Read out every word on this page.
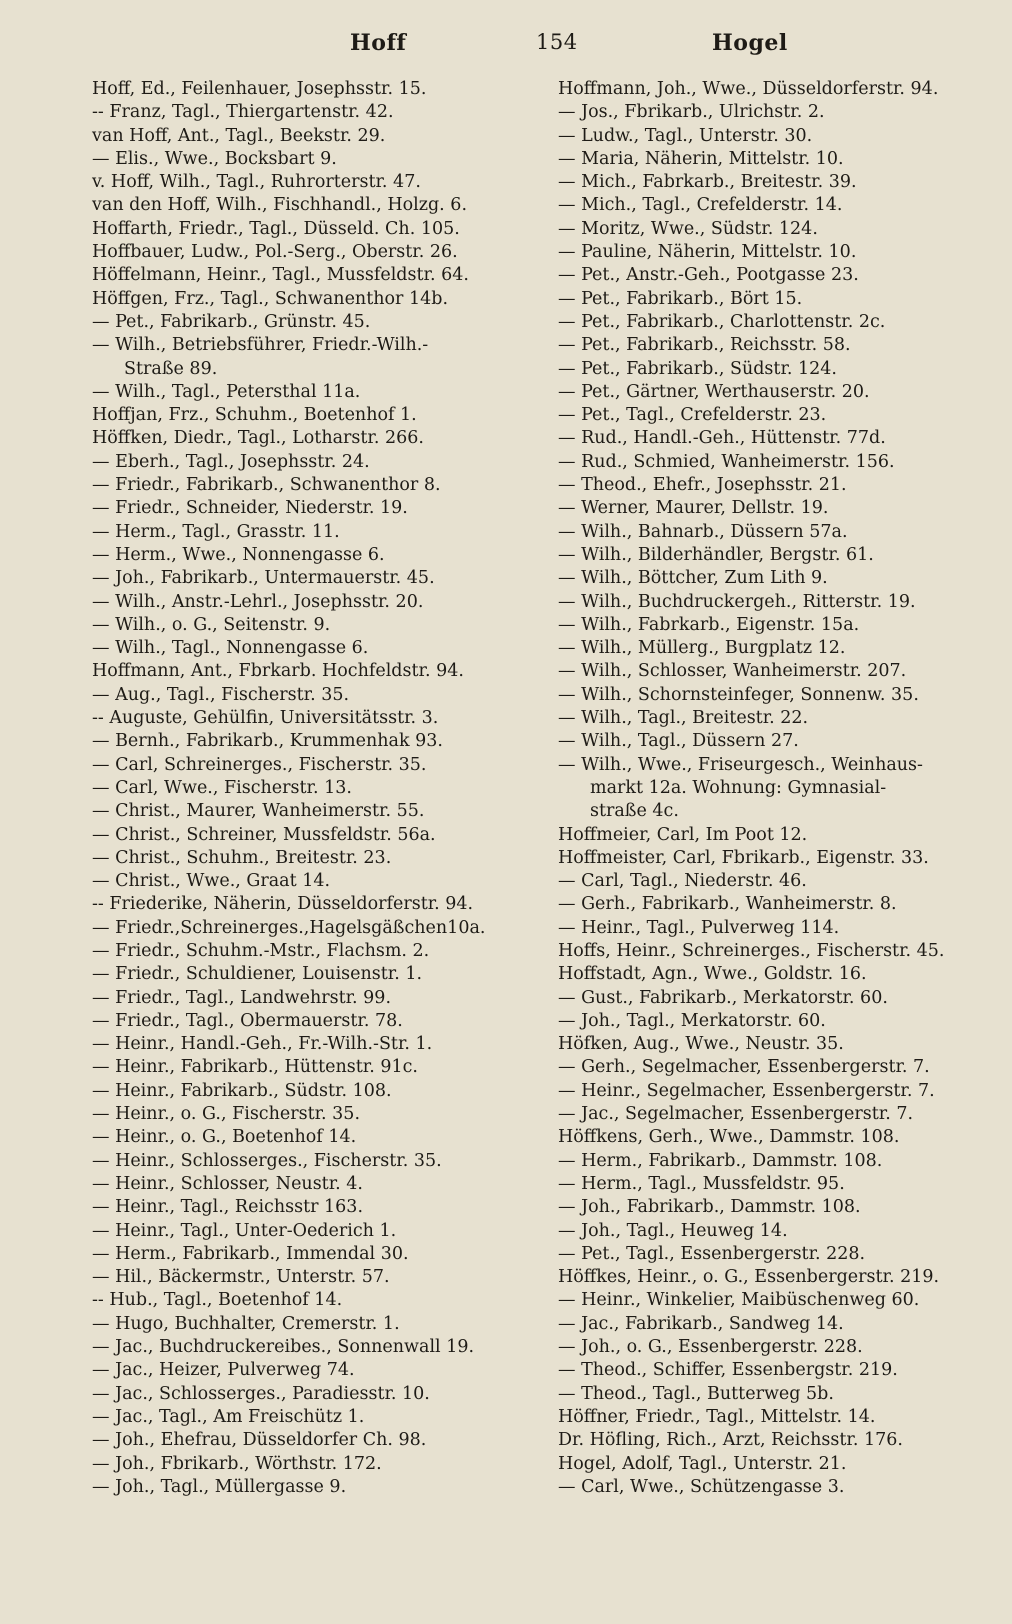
Hoff	154	Hogel
Hoff, Ed., Feilenhauer, Josephsstr. 15.
-- Franz, Tagl., Thiergartenstr. 42.
van Hoff, Ant., Tagl., Beekstr. 29.
— Elis., Wwe., Bocksbart 9.
v. Hoff, Wilh., Tagl., Ruhrorterstr. 47.
van den Hoff, Wilh., Fischhandl., Holzg. 6.
Hoffarth, Friedr., Tagl., Düsseld. Ch. 105.
Hoffbauer, Ludw., Pol.-Serg., Oberstr. 26.
Höffelmann, Heinr., Tagl., Mussfeldstr. 64.
Höffgen, Frz., Tagl., Schwanenthor 14b.
— Pet., Fabrikarb., Grünstr. 45.
— Wilh., Betriebsführer, Friedr.-Wilh.-
Straße 89.
— Wilh., Tagl., Petersthal 11a.
Hoffjan, Frz., Schuhm., Boetenhof 1.
Höffken, Diedr., Tagl., Lotharstr. 266.
— Eberh., Tagl., Josephsstr. 24.
— Friedr., Fabrikarb., Schwanenthor 8.
— Friedr., Schneider, Niederstr. 19.
— Herm., Tagl., Grasstr. 11.
— Herm., Wwe., Nonnengasse 6.
— Joh., Fabrikarb., Untermauerstr. 45.
— Wilh., Anstr.-Lehrl., Josephsstr. 20.
— Wilh., o. G., Seitenstr. 9.
— Wilh., Tagl., Nonnengasse 6.
Hoffmann, Ant., Fbrkarb. Hochfeldstr. 94.
— Aug., Tagl., Fischerstr. 35.
-- Auguste, Gehülfin, Universitätsstr. 3.
— Bernh., Fabrikarb., Krummenhak 93.
— Carl, Schreinerges., Fischerstr. 35.
— Carl, Wwe., Fischerstr. 13.
— Christ., Maurer, Wanheimerstr. 55.
— Christ., Schreiner, Mussfeldstr. 56a.
— Christ., Schuhm., Breitestr. 23.
— Christ., Wwe., Graat 14.
-- Friederike, Näherin, Düsseldorferstr. 94.
— Friedr.,Schreinerges.,Hagelsgäßchen10a.
— Friedr., Schuhm.-Mstr., Flachsm. 2.
— Friedr., Schuldiener, Louisenstr. 1.
— Friedr., Tagl., Landwehrstr. 99.
— Friedr., Tagl., Obermauerstr. 78.
— Heinr., Handl.-Geh., Fr.-Wilh.-Str. 1.
— Heinr., Fabrikarb., Hüttenstr. 91c.
— Heinr., Fabrikarb., Südstr. 108.
— Heinr., o. G., Fischerstr. 35.
— Heinr., o. G., Boetenhof 14.
— Heinr., Schlosserges., Fischerstr. 35.
— Heinr., Schlosser, Neustr. 4.
— Heinr., Tagl., Reichsstr 163.
— Heinr., Tagl., Unter-Oederich 1.
— Herm., Fabrikarb., Immendal 30.
— Hil., Bäckermstr., Unterstr. 57.
-- Hub., Tagl., Boetenhof 14.
— Hugo, Buchhalter, Cremerstr. 1.
— Jac., Buchdruckereibes., Sonnenwall 19.
— Jac., Heizer, Pulverweg 74.
— Jac., Schlosserges., Paradiesstr. 10.
— Jac., Tagl., Am Freischütz 1.
— Joh., Ehefrau, Düsseldorfer Ch. 98.
— Joh., Fbrikarb., Wörthstr. 172.
— Joh., Tagl., Müllergasse 9.
Hoffmann, Joh., Wwe., Düsseldorferstr. 94.
— Jos., Fbrikarb., Ulrichstr. 2.
— Ludw., Tagl., Unterstr. 30.
— Maria, Näherin, Mittelstr. 10.
— Mich., Fabrkarb., Breitestr. 39.
— Mich., Tagl., Crefelderstr. 14.
— Moritz, Wwe., Südstr. 124.
— Pauline, Näherin, Mittelstr. 10.
— Pet., Anstr.-Geh., Pootgasse 23.
— Pet., Fabrikarb., Bört 15.
— Pet., Fabrikarb., Charlottenstr. 2c.
— Pet., Fabrikarb., Reichsstr. 58.
— Pet., Fabrikarb., Südstr. 124.
— Pet., Gärtner, Werthauserstr. 20.
— Pet., Tagl., Crefelderstr. 23.
— Rud., Handl.-Geh., Hüttenstr. 77d.
— Rud., Schmied, Wanheimerstr. 156.
— Theod., Ehefr., Josephsstr. 21.
— Werner, Maurer, Dellstr. 19.
— Wilh., Bahnarb., Düssern 57a.
— Wilh., Bilderhändler, Bergstr. 61.
— Wilh., Böttcher, Zum Lith 9.
— Wilh., Buchdruckergeh., Ritterstr. 19.
— Wilh., Fabrkarb., Eigenstr. 15a.
— Wilh., Müllerg., Burgplatz 12.
— Wilh., Schlosser, Wanheimerstr. 207.
— Wilh., Schornsteinfeger, Sonnenw. 35.
— Wilh., Tagl., Breitestr. 22.
— Wilh., Tagl., Düssern 27.
— Wilh., Wwe., Friseurgesch., Weinhaus-
markt 12a. Wohnung: Gymnasial-
straße 4c.
Hoffmeier, Carl, Im Poot 12.
Hoffmeister, Carl, Fbrikarb., Eigenstr. 33.
— Carl, Tagl., Niederstr. 46.
— Gerh., Fabrikarb., Wanheimerstr. 8.
— Heinr., Tagl., Pulverweg 114.
Hoffs, Heinr., Schreinerges., Fischerstr. 45.
Hoffstadt, Agn., Wwe., Goldstr. 16.
— Gust., Fabrikarb., Merkatorstr. 60.
— Joh., Tagl., Merkatorstr. 60.
Höfken, Aug., Wwe., Neustr. 35.
— Gerh., Segelmacher, Essenbergerstr. 7.
— Heinr., Segelmacher, Essenbergerstr. 7.
— Jac., Segelmacher, Essenbergerstr. 7.
Höffkens, Gerh., Wwe., Dammstr. 108.
— Herm., Fabrikarb., Dammstr. 108.
— Herm., Tagl., Mussfeldstr. 95.
— Joh., Fabrikarb., Dammstr. 108.
— Joh., Tagl., Heuweg 14.
— Pet., Tagl., Essenbergerstr. 228.
Höffkes, Heinr., o. G., Essenbergerstr. 219.
— Heinr., Winkelier, Maibüschenweg 60.
— Jac., Fabrikarb., Sandweg 14.
— Joh., o. G., Essenbergerstr. 228.
— Theod., Schiffer, Essenbergstr. 219.
— Theod., Tagl., Butterweg 5b.
Höffner, Friedr., Tagl., Mittelstr. 14.
Dr. Höfling, Rich., Arzt, Reichsstr. 176.
Hogel, Adolf, Tagl., Unterstr. 21.
— Carl, Wwe., Schützengasse 3.
